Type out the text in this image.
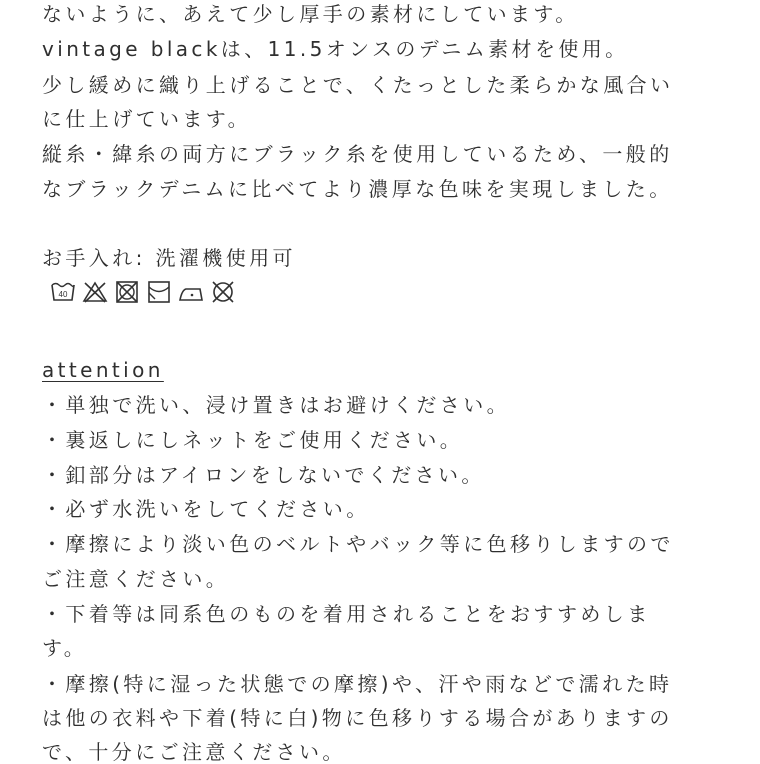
ないように、あえて少し厚手の素材にしています。
vintage blackは、11.5オンスのデニム素材を使用。
少し緩めに織り上げることで、くたっとした柔らかな風合い
に仕上げています。
縦糸・緯糸の両方にブラック糸を使用しているため、一般的
なブラックデニムに比べてより濃厚な色味を実現しました。
お手入れ: 洗濯機使用可
40
attention
・単独で洗い、浸け置きはお避けください。
・裏返しにしネットをご使用ください。
・釦部分はアイロンをしないでください。
・必ず水洗いをしてください。
・摩擦により淡い色のベルトやバック等に色移りしますので
ご注意ください。
・下着等は同系色のものを着用されることをおすすめしま
す。
・摩擦(特に湿った状態での摩擦)や、汗や雨などで濡れた時
は他の衣料や下着(特に白)物に色移りする場合がありますの
で、十分にご注意ください。
